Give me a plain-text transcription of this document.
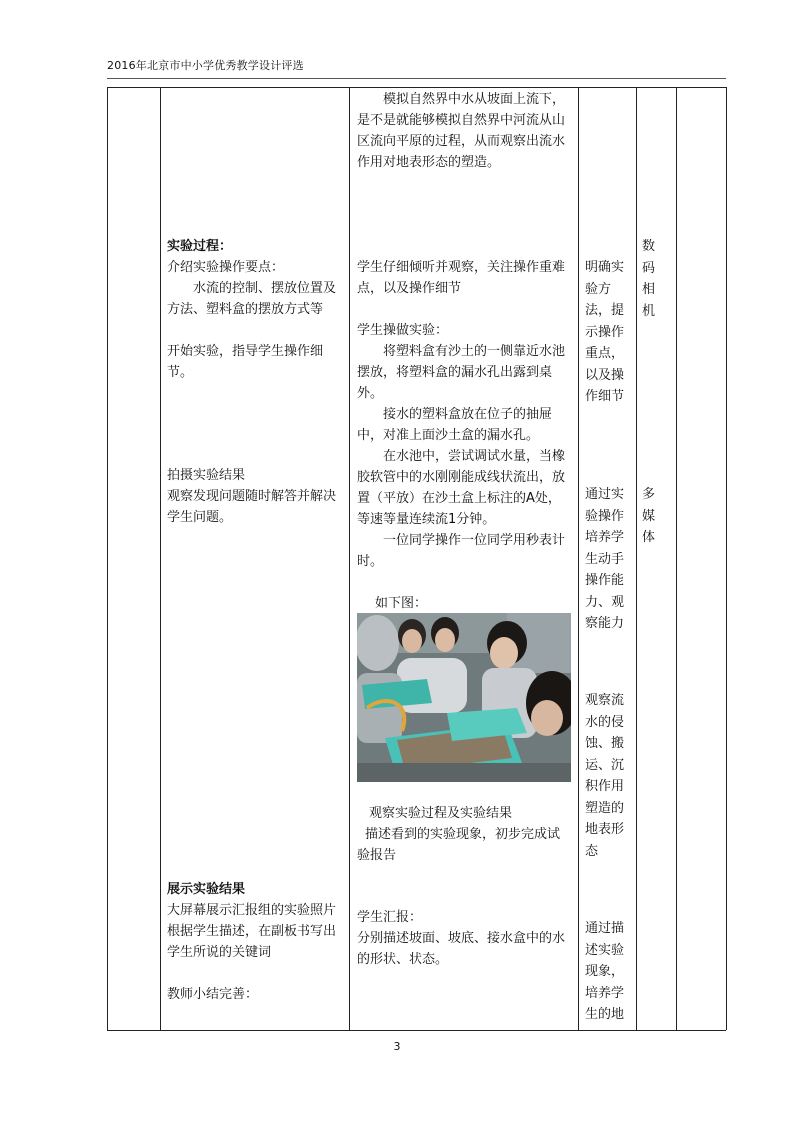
2016年北京市中小学优秀教学设计评选

模拟自然界中水从坡面上流下，是不是就能够模拟自然界中河流从山区流向平原的过程，从而观察出流水作用对地表形态的塑造。

实验过程：

介绍实验操作要点：

水流的控制、摆放位置及方法、塑料盒的摆放方式等

开始实验，指导学生操作细节。

拍摄实验结果

观察发现问题随时解答并解决学生问题。

学生仔细倾听并观察，关注操作重难点，以及操作细节

学生操做实验：

将塑料盒有沙土的一侧靠近水池摆放，将塑料盒的漏水孔出露到桌外。

接水的塑料盒放在位子的抽屉中，对准上面沙土盒的漏水孔。

在水池中，尝试调试水量，当橡胶软管中的水刚刚能成线状流出，放置（平放）在沙土盒上标注的A处，等速等量连续流1分钟。

一位同学操作一位同学用秒表计时。

如下图：

观察实验过程及实验结果

描述看到的实验现象，初步完成试验报告

明确实验方法，提示操作重点，以及操作细节
通过实验操作培养学生动手操作能力、观察能力
观察流水的侵蚀、搬运、沉积作用塑造的地表形态
数码相机
多媒体

展示实验结果

大屏幕展示汇报组的实验照片

根据学生描述，在副板书写出学生所说的关键词

教师小结完善：

学生汇报：

分别描述坡面、坡底、接水盒中的水的形状、状态。

通过描述实验现象，培养学生的地
3
